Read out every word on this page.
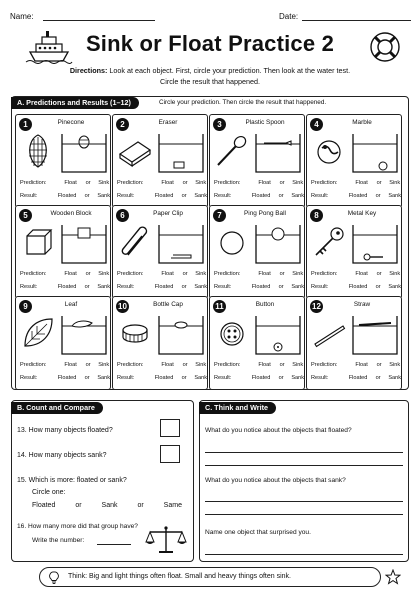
Name:	Date:
Sink or Float Practice 2
Directions: Look at each object. First, circle your prediction. Then look at the water test.
Circle the result that happened.
A. Predictions and Results (1–12)	Circle your prediction. Then circle the result that happened.
1	Pinecone
Prediction:	Float or Sink
Result:	Floated or Sank
2	Eraser
Prediction:	Float or Sink
Result:	Floated or Sank
3	Plastic Spoon
Prediction:	Float or Sink
Result:	Floated or Sank
4	Marble
Prediction:	Float or Sink
Result:	Floated or Sank
5	Wooden Block
Prediction:	Float or Sink
Result:	Floated or Sank
6	Paper Clip
Prediction:	Float or Sink
Result:	Floated or Sank
7	Ping Pong Ball
Prediction:	Float or Sink
Result:	Floated or Sank
8	Metal Key
Prediction:	Float or Sink
Result:	Floated or Sank
9	Leaf
Prediction:	Float or Sink
Result:	Floated or Sank
10	Bottle Cap
Prediction:	Float or Sink
Result:	Floated or Sank
11	Button
Prediction:	Float or Sink
Result:	Floated or Sank
12	Straw
Prediction:	Float or Sink
Result:	Floated or Sank
B. Count and Compare
13. How many objects floated?
14. How many objects sank?
15. Which is more: floated or sank?
Circle one:
Floated	or	Sank	or	Same
16. How many more did that group have?
Write the number:
C. Think and Write
What do you notice about the objects that floated?
What do you notice about the objects that sank?
Name one object that surprised you.
Think: Big and light things often float. Small and heavy things often sink.
